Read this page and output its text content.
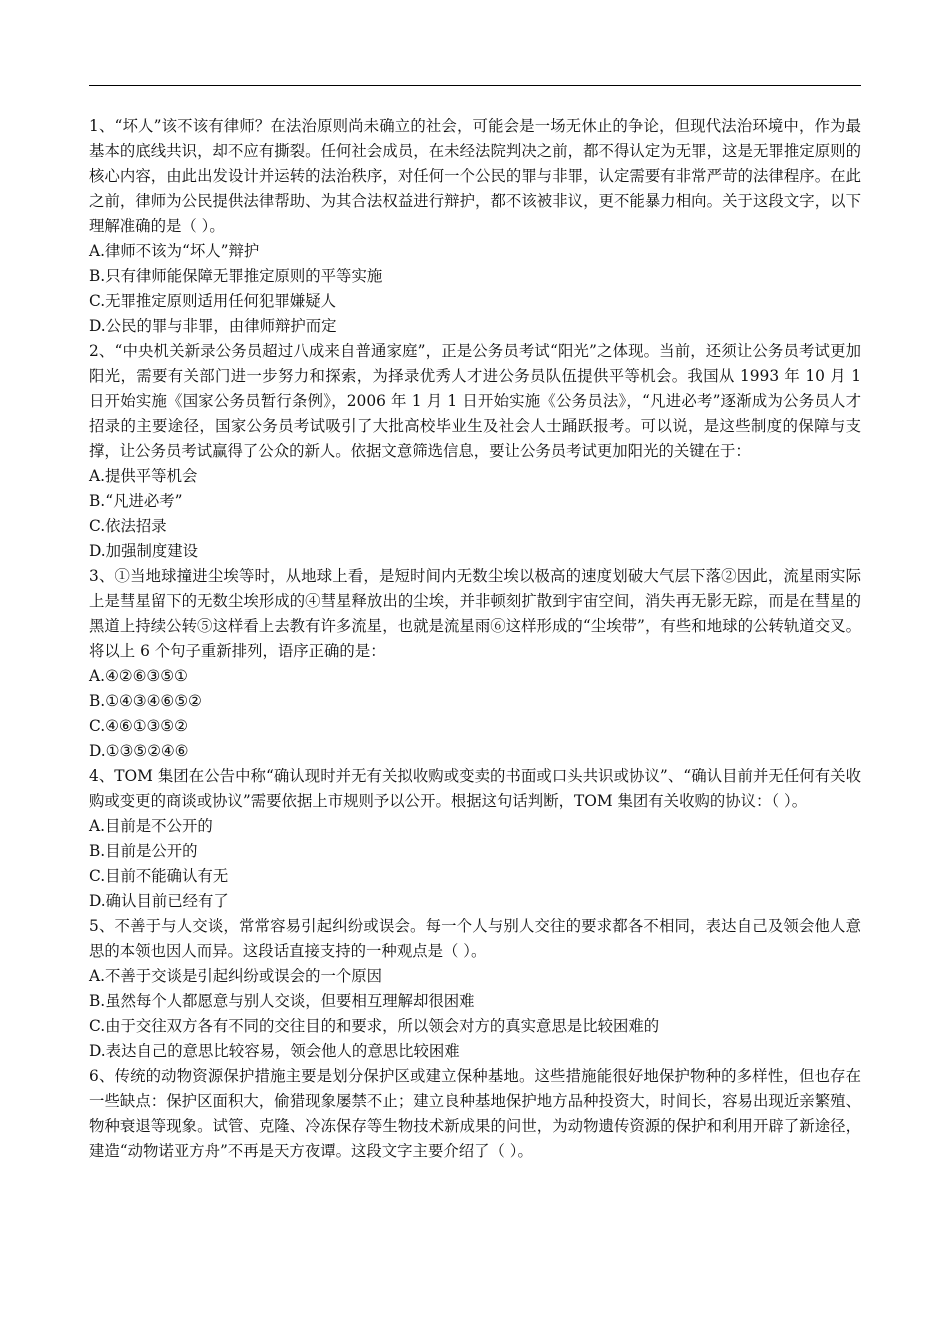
1、“坏人”该不该有律师？在法治原则尚未确立的社会，可能会是一场无休止的争论，但现代法治环境中，作为最基本的底线共识，却不应有撕裂。任何社会成员，在未经法院判决之前，都不得认定为无罪，这是无罪推定原则的核心内容，由此出发设计并运转的法治秩序，对任何一个公民的罪与非罪，认定需要有非常严苛的法律程序。在此之前，律师为公民提供法律帮助、为其合法权益进行辩护，都不该被非议，更不能暴力相向。关于这段文字，以下理解准确的是（ ）。

A.律师不该为“坏人”辩护
B.只有律师能保障无罪推定原则的平等实施
C.无罪推定原则适用任何犯罪嫌疑人
D.公民的罪与非罪，由律师辩护而定

2、“中央机关新录公务员超过八成来自普通家庭”，正是公务员考试“阳光”之体现。当前，还须让公务员考试更加阳光，需要有关部门进一步努力和探索，为择录优秀人才进公务员队伍提供平等机会。我国从 1993 年 10 月 1 日开始实施《国家公务员暂行条例》，2006 年 1 月 1 日开始实施《公务员法》，“凡进必考”逐渐成为公务员人才招录的主要途径，国家公务员考试吸引了大批高校毕业生及社会人士踊跃报考。可以说，是这些制度的保障与支撑，让公务员考试赢得了公众的新人。依据文意筛选信息，要让公务员考试更加阳光的关键在于：

A.提供平等机会
B.“凡进必考”
C.依法招录
D.加强制度建设

3、①当地球撞进尘埃等时，从地球上看，是短时间内无数尘埃以极高的速度划破大气层下落②因此，流星雨实际上是彗星留下的无数尘埃形成的④彗星释放出的尘埃，并非顿刻扩散到宇宙空间，消失再无影无踪，而是在彗星的黑道上持续公转⑤这样看上去教有许多流星，也就是流星雨⑥这样形成的“尘埃带”，有些和地球的公转轨道交叉。将以上 6 个句子重新排列，语序正确的是：

A.④②⑥③⑤①
B.①④③④⑥⑤②
C.④⑥①③⑤②
D.①③⑤②④⑥

4、TOM 集团在公告中称“确认现时并无有关拟收购或变卖的书面或口头共识或协议”、“确认目前并无任何有关收购或变更的商谈或协议”需要依据上市规则予以公开。根据这句话判断，TOM 集团有关收购的协议：（ ）。

A.目前是不公开的
B.目前是公开的
C.目前不能确认有无
D.确认目前已经有了

5、不善于与人交谈，常常容易引起纠纷或误会。每一个人与别人交往的要求都各不相同，表达自己及领会他人意思的本领也因人而异。这段话直接支持的一种观点是（ ）。

A.不善于交谈是引起纠纷或误会的一个原因
B.虽然每个人都愿意与别人交谈，但要相互理解却很困难
C.由于交往双方各有不同的交往目的和要求，所以领会对方的真实意思是比较困难的
D.表达自己的意思比较容易，领会他人的意思比较困难

6、传统的动物资源保护措施主要是划分保护区或建立保种基地。这些措施能很好地保护物种的多样性，但也存在一些缺点：保护区面积大，偷猎现象屡禁不止；建立良种基地保护地方品种投资大，时间长，容易出现近亲繁殖、物种衰退等现象。试管、克隆、冷冻保存等生物技术新成果的问世，为动物遗传资源的保护和利用开辟了新途径，建造“动物诺亚方舟”不再是天方夜谭。这段文字主要介绍了（ ）。
